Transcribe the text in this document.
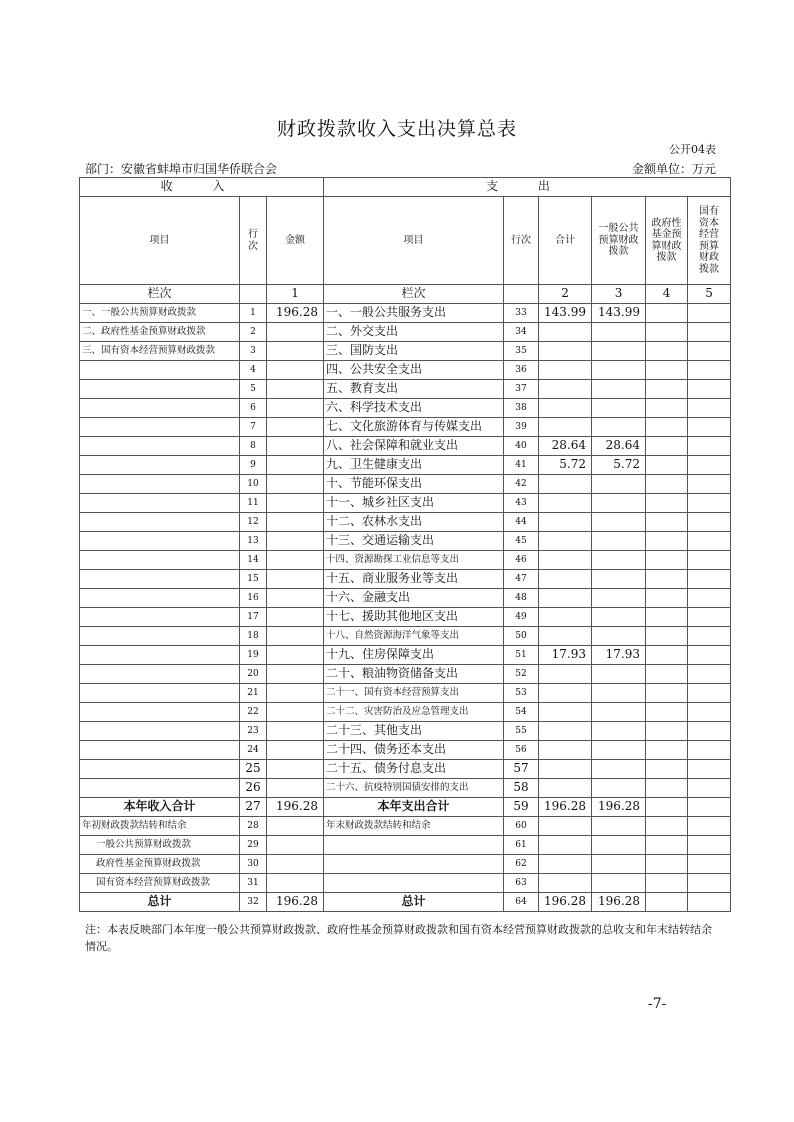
财政拨款收入支出决算总表
公开04表
部门：安徽省蚌埠市归国华侨联合会	金额单位：万元
收 入			支 出					
项目	行次	金额	项目	行次	合计	一般公共预算财政拨款	政府性基金预算财政拨款	国有资本经营预算财政拨款
栏次		1	栏次		2	3	4	5
一、一般公共预算财政拨款	1	196.28	一、一般公共服务支出	33	143.99	143.99		
二、政府性基金预算财政拨款	2		二、外交支出	34				
三、国有资本经营预算财政拨款	3		三、国防支出	35				
	4		四、公共安全支出	36				
	5		五、教育支出	37				
	6		六、科学技术支出	38				
	7		七、文化旅游体育与传媒支出	39				
	8		八、社会保障和就业支出	40	28.64	28.64		
	9		九、卫生健康支出	41	5.72	5.72		
	10		十、节能环保支出	42				
	11		十一、城乡社区支出	43				
	12		十二、农林水支出	44				
	13		十三、交通运输支出	45				
	14		十四、资源勘探工业信息等支出	46				
	15		十五、商业服务业等支出	47				
	16		十六、金融支出	48				
	17		十七、援助其他地区支出	49				
	18		十八、自然资源海洋气象等支出	50				
	19		十九、住房保障支出	51	17.93	17.93		
	20		二十、粮油物资储备支出	52				
	21		二十一、国有资本经营预算支出	53				
	22		二十二、灾害防治及应急管理支出	54				
	23		二十三、其他支出	55				
	24		二十四、债务还本支出	56				
	25		二十五、债务付息支出	57				
	26		二十六、抗疫特别国债安排的支出	58				
本年收入合计	27	196.28	本年支出合计	59	196.28	196.28		
年初财政拨款结转和结余	28		年末财政拨款结转和结余	60				
一般公共预算财政拨款	29			61				
政府性基金预算财政拨款	30			62				
国有资本经营预算财政拨款	31			63				
总计	32	196.28	总计	64	196.28	196.28		
注：本表反映部门本年度一般公共预算财政拨款、政府性基金预算财政拨款和国有资本经营预算财政拨款的总收支和年末结转结余情况。
-7-
